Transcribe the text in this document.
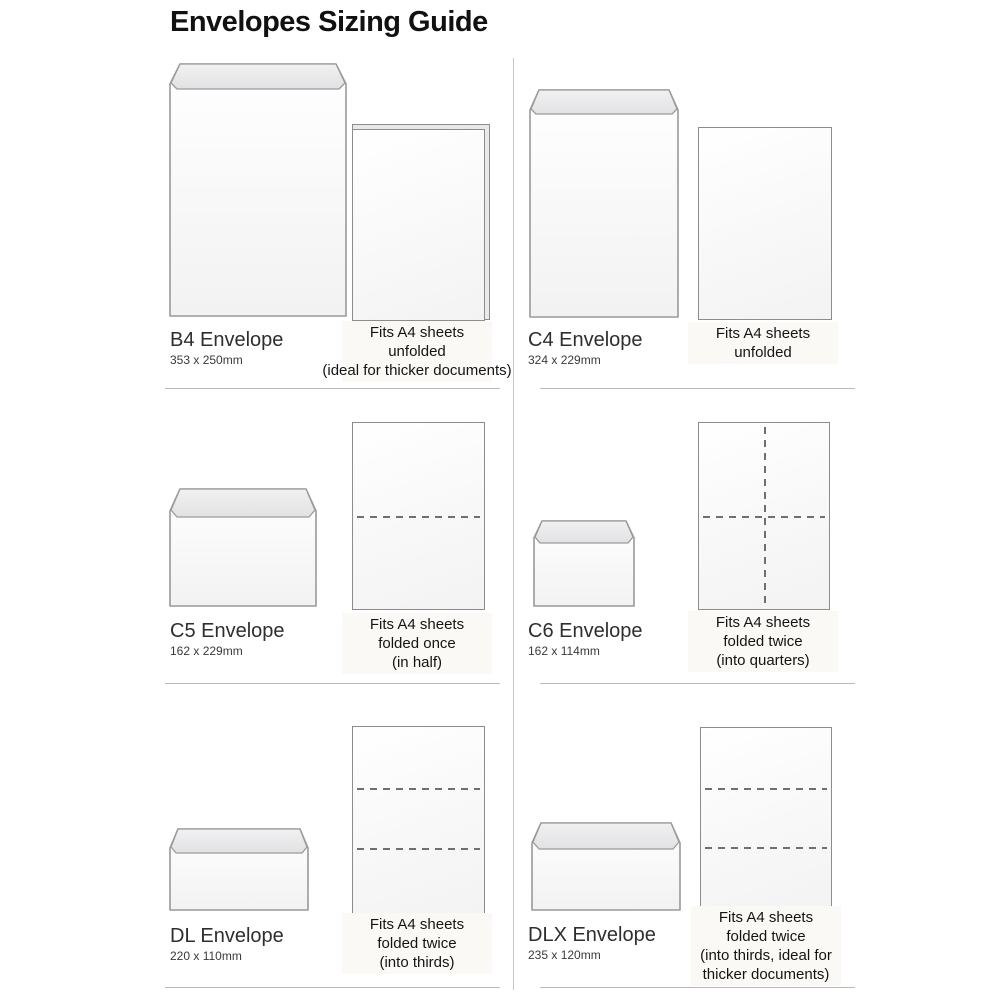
Envelopes Sizing Guide
B4 Envelope
353 x 250mm
Fits A4 sheets
unfolded
(ideal for thicker documents)
C4 Envelope
324 x 229mm
Fits A4 sheets
unfolded
C5 Envelope
162 x 229mm
Fits A4 sheets
folded once
(in half)
C6 Envelope
162 x 114mm
Fits A4 sheets
folded twice
(into quarters)
DL Envelope
220 x 110mm
Fits A4 sheets
folded twice
(into thirds)
DLX Envelope
235 x 120mm
Fits A4 sheets
folded twice
(into thirds, ideal for
thicker documents)
